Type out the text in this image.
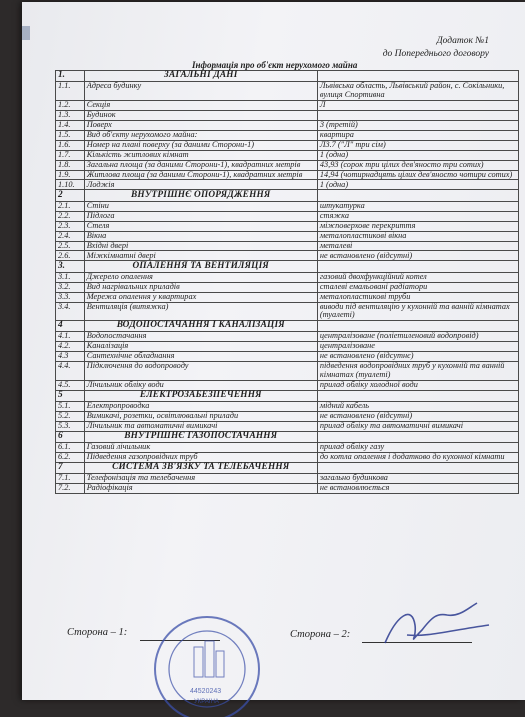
Додаток №1
до Попереднього договору
Інформація про об'єкт нерухомого майна
1.	ЗАГАЛЬНІ ДАНІ	
1.1.	Адреса будинку	Львівська область, Львівський район, с. Сокільники, вулиця Спортивна
1.2.	Секція	Л
1.3.	Будинок	
1.4.	Поверх	3 (третій)
1.5.	Вид об'єкту нерухомого майна:	квартира
1.6.	Номер на плані поверху (за даними Сторони-1)	Л3.7 ("Л" три сім)
1.7.	Кількість житлових кімнат	1 (одна)
1.8.	Загальна площа (за даними Сторони-1), квадратних метрів	43,93 (сорок три цілих дев'яносто три сотих)
1.9.	Житлова площа (за даними Сторони-1), квадратних метрів	14,94 (чотирнадцять цілих дев'яносто чотири сотих)
1.10.	Лоджія	1 (одна)
2	ВНУТРІШНЄ ОПОРЯДЖЕННЯ	
2.1.	Стіни	штукатурка
2.2.	Підлога	стяжка
2.3.	Стеля	міжповерхове перекриття
2.4.	Вікна	металопластикові вікна
2.5.	Вхідні двері	металеві
2.6.	Міжкімнатні двері	не встановлено (відсутні)
3.	ОПАЛЕННЯ ТА ВЕНТИЛЯЦІЯ	
3.1.	Джерело опалення	газовий двохфункційний котел
3.2.	Вид нагрівальних приладів	сталеві емальовані радіатори
3.3.	Мережа опалення у квартирах	металопластикові труби
3.4.	Вентиляція (витяжка)	виводи під вентиляцію у кухонній та ванній кімнатах (туалеті)
4	ВОДОПОСТАЧАННЯ І КАНАЛІЗАЦІЯ	
4.1.	Водопостачання	централізоване (поліетиленовий водопровід)
4.2.	Каналізація	централізоване
4.3	Сантехнічне обладнання	не встановлено (відсутнє)
4.4.	Підключення до водопроводу	підведення водопровідних труб у кухонній та ванній кімнатах (туалеті)
4.5.	Лічильник обліку води	прилад обліку холодної води
5	ЕЛЕКТРОЗАБЕЗПЕЧЕННЯ	
5.1.	Електропроводка	мідний кабель
5.2.	Вимикачі, розетки, освітлювальні прилади	не встановлено (відсутні)
5.3.	Лічильник та автоматичні вимикачі	прилад обліку та автоматичні вимикачі
6	ВНУТРІШНЄ ГАЗОПОСТАЧАННЯ	
6.1.	Газовий лічильник	прилад обліку газу
6.2.	Підведення газопровідних труб	до котла опалення і додатково до кухонної кімнати
7	СИСТЕМА ЗВ'ЯЗКУ ТА ТЕЛЕБАЧЕННЯ	
7.1.	Телефонізація та телебачення	загально будинкова
7.2.	Радіофікація	не встановлюється
Сторона – 1:	Сторона – 2:
44520243
УКРАЇНА
